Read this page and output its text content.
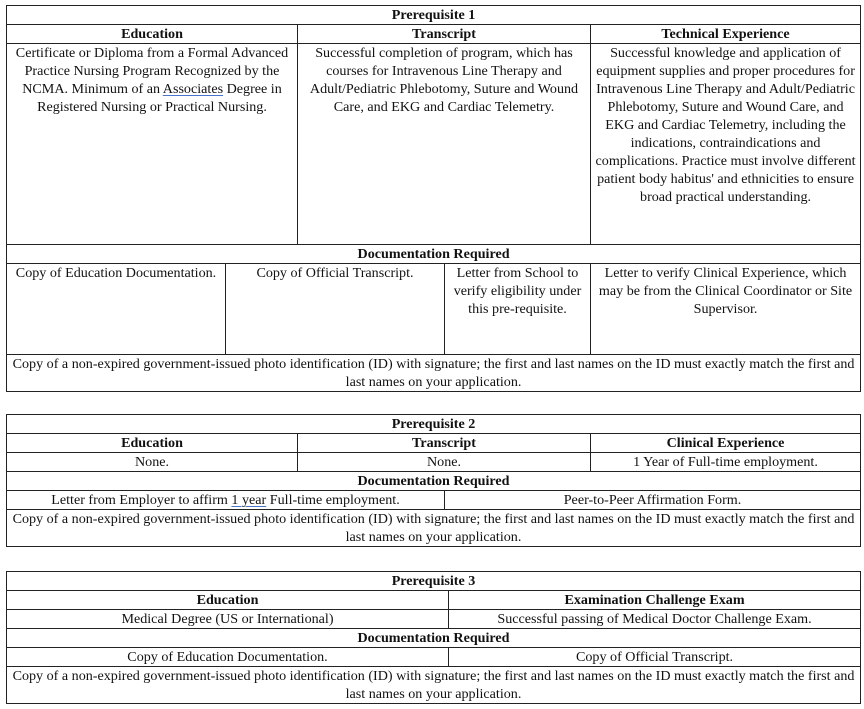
Prerequisite 1				
Education		Transcript		Technical Experience
Certificate or Diploma from a Formal Advanced Practice Nursing Program Recognized by the NCMA. Minimum of an Associates Degree in Registered Nursing or Practical Nursing.		Successful completion of program, which has courses for Intravenous Line Therapy and Adult/Pediatric Phlebotomy, Suture and Wound Care, and EKG and Cardiac Telemetry.		Successful knowledge and application of equipment supplies and proper procedures for Intravenous Line Therapy and Adult/Pediatric Phlebotomy, Suture and Wound Care, and EKG and Cardiac Telemetry, including the indications, contraindications and complications. Practice must involve different patient body habitus' and ethnicities to ensure broad practical understanding.
Documentation Required				
Copy of Education Documentation.	Copy of Official Transcript.		Letter from School to verify eligibility under this pre-requisite.	Letter to verify Clinical Experience, which may be from the Clinical Coordinator or Site Supervisor.
Copy of a non-expired government-issued photo identification (ID) with signature; the first and last names on the ID must exactly match the first and last names on your application.				
Prerequisite 2			
Education	Transcript		Clinical Experience
None.	None.		1 Year of Full-time employment.
Documentation Required			
Letter from Employer to affirm 1 year Full-time employment.		Peer-to-Peer Affirmation Form.	
Copy of a non-expired government-issued photo identification (ID) with signature; the first and last names on the ID must exactly match the first and last names on your application.			
Prerequisite 3	
Education	Examination Challenge Exam
Medical Degree (US or International)	Successful passing of Medical Doctor Challenge Exam.
Documentation Required	
Copy of Education Documentation.	Copy of Official Transcript.
Copy of a non-expired government-issued photo identification (ID) with signature; the first and last names on the ID must exactly match the first and last names on your application.	
